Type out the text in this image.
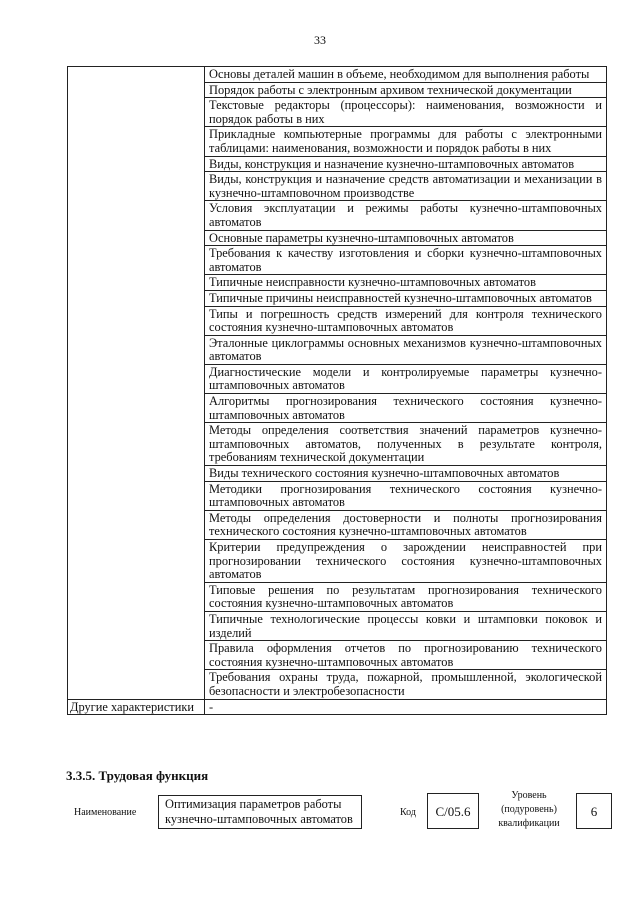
33
	Основы деталей машин в объеме, необходимом для выполнения работы
	Порядок работы с электронным архивом технической документации
	Текстовые редакторы (процессоры): наименования, возможности и порядок работы в них
	Прикладные компьютерные программы для работы с электронными таблицами: наименования, возможности и порядок работы в них
	Виды, конструкция и назначение кузнечно-штамповочных автоматов
	Виды, конструкция и назначение средств автоматизации и механизации в кузнечно-штамповочном производстве
	Условия эксплуатации и режимы работы кузнечно-штамповочных автоматов
	Основные параметры кузнечно-штамповочных автоматов
	Требования к качеству изготовления и сборки кузнечно-штамповочных автоматов
	Типичные неисправности кузнечно-штамповочных автоматов
	Типичные причины неисправностей кузнечно-штамповочных автоматов
	Типы и погрешность средств измерений для контроля технического состояния кузнечно-штамповочных автоматов
	Эталонные циклограммы основных механизмов кузнечно-штамповочных автоматов
	Диагностические модели и контролируемые параметры кузнечно-штамповочных автоматов
	Алгоритмы прогнозирования технического состояния кузнечно-штамповочных автоматов
	Методы определения соответствия значений параметров кузнечно-штамповочных автоматов, полученных в результате контроля, требованиям технической документации
	Виды технического состояния кузнечно-штамповочных автоматов
	Методики прогнозирования технического состояния кузнечно-штамповочных автоматов
	Методы определения достоверности и полноты прогнозирования технического состояния кузнечно-штамповочных автоматов
	Критерии предупреждения о зарождении неисправностей при прогнозировании технического состояния кузнечно-штамповочных автоматов
	Типовые решения по результатам прогнозирования технического состояния кузнечно-штамповочных автоматов
	Типичные технологические процессы ковки и штамповки поковок и изделий
	Правила оформления отчетов по прогнозированию технического состояния кузнечно-штамповочных автоматов
	Требования охраны труда, пожарной, промышленной, экологической безопасности и электробезопасности
Другие характеристики	-
3.3.5. Трудовая функция
Наименование
Оптимизация параметров работы кузнечно-штамповочных автоматов	Код	C/05.6
Уровень (подуровень) квалификации
6
